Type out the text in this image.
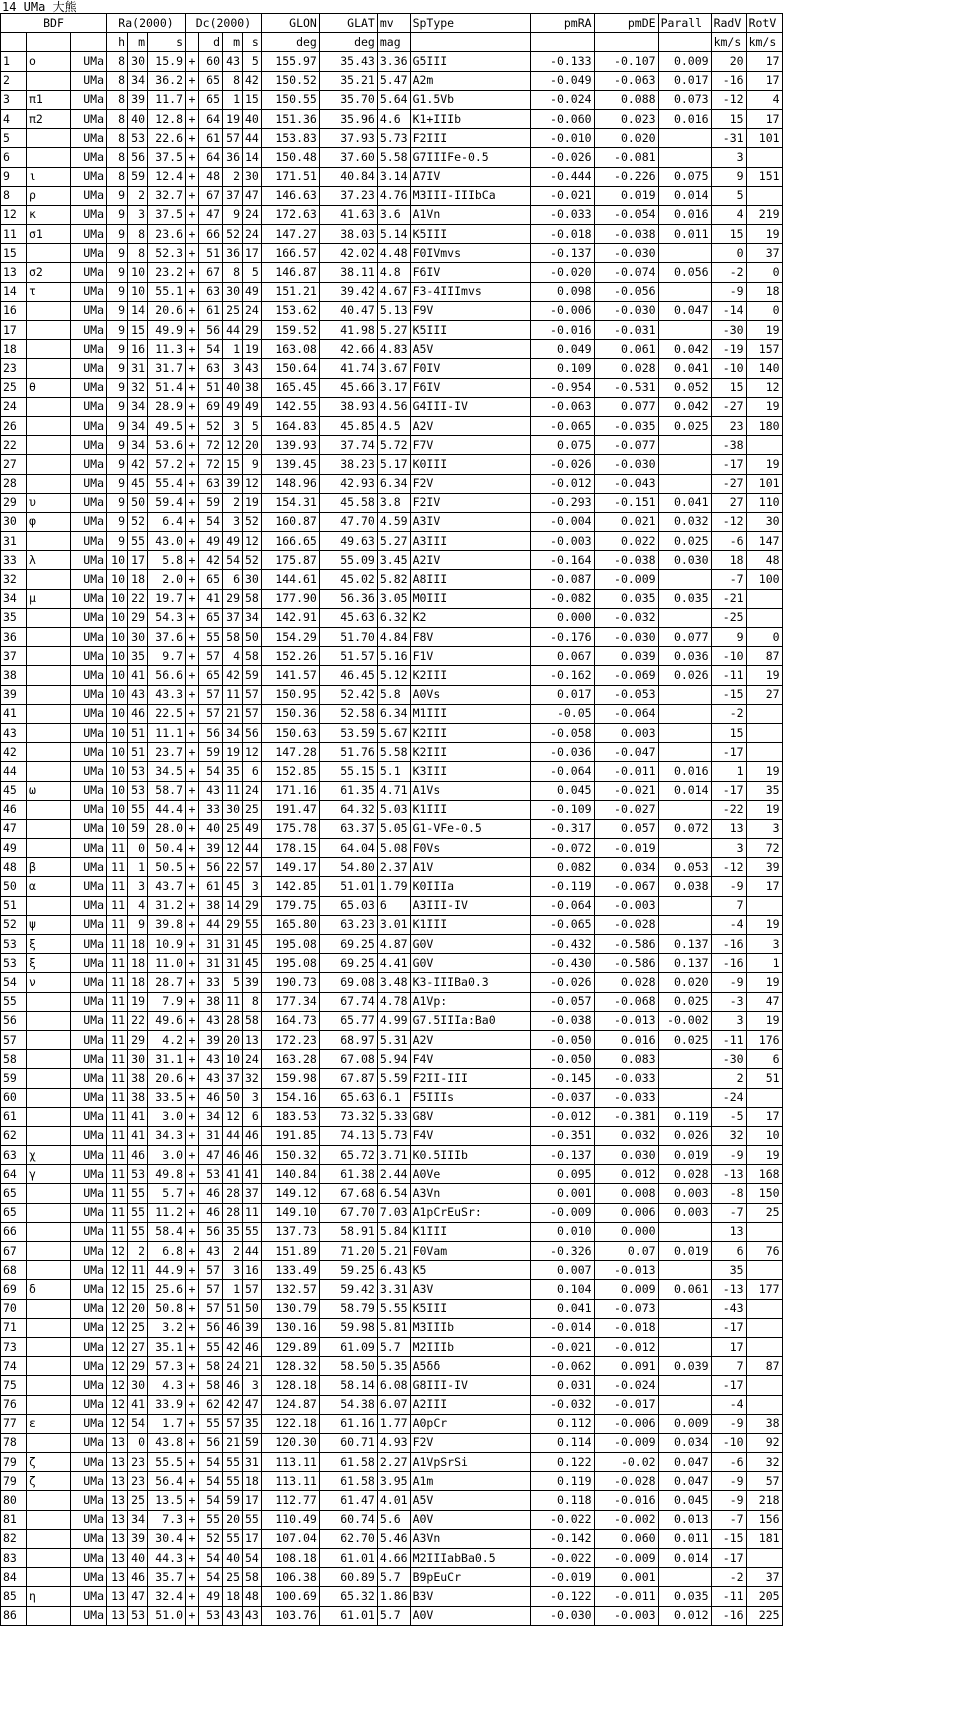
14 UMa 大熊
BDF			Ra(2000)			Dc(2000)				GLON	GLAT	mv	SpType	pmRA	pmDE	Parall	RadV	RotV
			h	m	s		d	m	s	deg	deg	mag					km/s	km/s
1	ο	UMa	8	30	15.9	+	60	43	5	155.97	35.43	3.36	G5III	-0.133	-0.107	0.009	20	17
2		UMa	8	34	36.2	+	65	8	42	150.52	35.21	5.47	A2m	-0.049	-0.063	0.017	-16	17
3	π1	UMa	8	39	11.7	+	65	1	15	150.55	35.70	5.64	G1.5Vb	-0.024	0.088	0.073	-12	4
4	π2	UMa	8	40	12.8	+	64	19	40	151.36	35.96	4.6	K1+IIIb	-0.060	0.023	0.016	15	17
5		UMa	8	53	22.6	+	61	57	44	153.83	37.93	5.73	F2III	-0.010	0.020		-31	101
6		UMa	8	56	37.5	+	64	36	14	150.48	37.60	5.58	G7IIIFe-0.5	-0.026	-0.081		3	
9	ι	UMa	8	59	12.4	+	48	2	30	171.51	40.84	3.14	A7IV	-0.444	-0.226	0.075	9	151
8	ρ	UMa	9	2	32.7	+	67	37	47	146.63	37.23	4.76	M3III-IIIbCa	-0.021	0.019	0.014	5	
12	κ	UMa	9	3	37.5	+	47	9	24	172.63	41.63	3.6	A1Vn	-0.033	-0.054	0.016	4	219
11	σ1	UMa	9	8	23.6	+	66	52	24	147.27	38.03	5.14	K5III	-0.018	-0.038	0.011	15	19
15		UMa	9	8	52.3	+	51	36	17	166.57	42.02	4.48	F0IVmvs	-0.137	-0.030		0	37
13	σ2	UMa	9	10	23.2	+	67	8	5	146.87	38.11	4.8	F6IV	-0.020	-0.074	0.056	-2	0
14	τ	UMa	9	10	55.1	+	63	30	49	151.21	39.42	4.67	F3-4IIImvs	0.098	-0.056		-9	18
16		UMa	9	14	20.6	+	61	25	24	153.62	40.47	5.13	F9V	-0.006	-0.030	0.047	-14	0
17		UMa	9	15	49.9	+	56	44	29	159.52	41.98	5.27	K5III	-0.016	-0.031		-30	19
18		UMa	9	16	11.3	+	54	1	19	163.08	42.66	4.83	A5V	0.049	0.061	0.042	-19	157
23		UMa	9	31	31.7	+	63	3	43	150.64	41.74	3.67	F0IV	0.109	0.028	0.041	-10	140
25	θ	UMa	9	32	51.4	+	51	40	38	165.45	45.66	3.17	F6IV	-0.954	-0.531	0.052	15	12
24		UMa	9	34	28.9	+	69	49	49	142.55	38.93	4.56	G4III-IV	-0.063	0.077	0.042	-27	19
26		UMa	9	34	49.5	+	52	3	5	164.83	45.85	4.5	A2V	-0.065	-0.035	0.025	23	180
22		UMa	9	34	53.6	+	72	12	20	139.93	37.74	5.72	F7V	0.075	-0.077		-38	
27		UMa	9	42	57.2	+	72	15	9	139.45	38.23	5.17	K0III	-0.026	-0.030		-17	19
28		UMa	9	45	55.4	+	63	39	12	148.96	42.93	6.34	F2V	-0.012	-0.043		-27	101
29	υ	UMa	9	50	59.4	+	59	2	19	154.31	45.58	3.8	F2IV	-0.293	-0.151	0.041	27	110
30	φ	UMa	9	52	6.4	+	54	3	52	160.87	47.70	4.59	A3IV	-0.004	0.021	0.032	-12	30
31		UMa	9	55	43.0	+	49	49	12	166.65	49.63	5.27	A3III	-0.003	0.022	0.025	-6	147
33	λ	UMa	10	17	5.8	+	42	54	52	175.87	55.09	3.45	A2IV	-0.164	-0.038	0.030	18	48
32		UMa	10	18	2.0	+	65	6	30	144.61	45.02	5.82	A8III	-0.087	-0.009		-7	100
34	μ	UMa	10	22	19.7	+	41	29	58	177.90	56.36	3.05	M0III	-0.082	0.035	0.035	-21	
35		UMa	10	29	54.3	+	65	37	34	142.91	45.63	6.32	K2	0.000	-0.032		-25	
36		UMa	10	30	37.6	+	55	58	50	154.29	51.70	4.84	F8V	-0.176	-0.030	0.077	9	0
37		UMa	10	35	9.7	+	57	4	58	152.26	51.57	5.16	F1V	0.067	0.039	0.036	-10	87
38		UMa	10	41	56.6	+	65	42	59	141.57	46.45	5.12	K2III	-0.162	-0.069	0.026	-11	19
39		UMa	10	43	43.3	+	57	11	57	150.95	52.42	5.8	A0Vs	0.017	-0.053		-15	27
41		UMa	10	46	22.5	+	57	21	57	150.36	52.58	6.34	M1III	-0.05	-0.064		-2	
43		UMa	10	51	11.1	+	56	34	56	150.63	53.59	5.67	K2III	-0.058	0.003		15	
42		UMa	10	51	23.7	+	59	19	12	147.28	51.76	5.58	K2III	-0.036	-0.047		-17	
44		UMa	10	53	34.5	+	54	35	6	152.85	55.15	5.1	K3III	-0.064	-0.011	0.016	1	19
45	ω	UMa	10	53	58.7	+	43	11	24	171.16	61.35	4.71	A1Vs	0.045	-0.021	0.014	-17	35
46		UMa	10	55	44.4	+	33	30	25	191.47	64.32	5.03	K1III	-0.109	-0.027		-22	19
47		UMa	10	59	28.0	+	40	25	49	175.78	63.37	5.05	G1-VFe-0.5	-0.317	0.057	0.072	13	3
49		UMa	11	0	50.4	+	39	12	44	178.15	64.04	5.08	F0Vs	-0.072	-0.019		3	72
48	β	UMa	11	1	50.5	+	56	22	57	149.17	54.80	2.37	A1V	0.082	0.034	0.053	-12	39
50	α	UMa	11	3	43.7	+	61	45	3	142.85	51.01	1.79	K0IIIa	-0.119	-0.067	0.038	-9	17
51		UMa	11	4	31.2	+	38	14	29	179.75	65.03	6	A3III-IV	-0.064	-0.003		7	
52	ψ	UMa	11	9	39.8	+	44	29	55	165.80	63.23	3.01	K1III	-0.065	-0.028		-4	19
53	ξ	UMa	11	18	10.9	+	31	31	45	195.08	69.25	4.87	G0V	-0.432	-0.586	0.137	-16	3
53	ξ	UMa	11	18	11.0	+	31	31	45	195.08	69.25	4.41	G0V	-0.430	-0.586	0.137	-16	1
54	ν	UMa	11	18	28.7	+	33	5	39	190.73	69.08	3.48	K3-IIIBa0.3	-0.026	0.028	0.020	-9	19
55		UMa	11	19	7.9	+	38	11	8	177.34	67.74	4.78	A1Vp:	-0.057	-0.068	0.025	-3	47
56		UMa	11	22	49.6	+	43	28	58	164.73	65.77	4.99	G7.5IIIa:Ba0	-0.038	-0.013	-0.002	3	19
57		UMa	11	29	4.2	+	39	20	13	172.23	68.97	5.31	A2V	-0.050	0.016	0.025	-11	176
58		UMa	11	30	31.1	+	43	10	24	163.28	67.08	5.94	F4V	-0.050	0.083		-30	6
59		UMa	11	38	20.6	+	43	37	32	159.98	67.87	5.59	F2II-III	-0.145	-0.033		2	51
60		UMa	11	38	33.5	+	46	50	3	154.16	65.63	6.1	F5IIIs	-0.037	-0.033		-24	
61		UMa	11	41	3.0	+	34	12	6	183.53	73.32	5.33	G8V	-0.012	-0.381	0.119	-5	17
62		UMa	11	41	34.3	+	31	44	46	191.85	74.13	5.73	F4V	-0.351	0.032	0.026	32	10
63	χ	UMa	11	46	3.0	+	47	46	46	150.32	65.72	3.71	K0.5IIIb	-0.137	0.030	0.019	-9	19
64	γ	UMa	11	53	49.8	+	53	41	41	140.84	61.38	2.44	A0Ve	0.095	0.012	0.028	-13	168
65		UMa	11	55	5.7	+	46	28	37	149.12	67.68	6.54	A3Vn	0.001	0.008	0.003	-8	150
65		UMa	11	55	11.2	+	46	28	11	149.10	67.70	7.03	A1pCrEuSr:	-0.009	0.006	0.003	-7	25
66		UMa	11	55	58.4	+	56	35	55	137.73	58.91	5.84	K1III	0.010	0.000		13	
67		UMa	12	2	6.8	+	43	2	44	151.89	71.20	5.21	F0Vam	-0.326	0.07	0.019	6	76
68		UMa	12	11	44.9	+	57	3	16	133.49	59.25	6.43	K5	0.007	-0.013		35	
69	δ	UMa	12	15	25.6	+	57	1	57	132.57	59.42	3.31	A3V	0.104	0.009	0.061	-13	177
70		UMa	12	20	50.8	+	57	51	50	130.79	58.79	5.55	K5III	0.041	-0.073		-43	
71		UMa	12	25	3.2	+	56	46	39	130.16	59.98	5.81	M3IIIb	-0.014	-0.018		-17	
73		UMa	12	27	35.1	+	55	42	46	129.89	61.09	5.7	M2IIIb	-0.021	-0.012		17	
74		UMa	12	29	57.3	+	58	24	21	128.32	58.50	5.35	A5δδ	-0.062	0.091	0.039	7	87
75		UMa	12	30	4.3	+	58	46	3	128.18	58.14	6.08	G8III-IV	0.031	-0.024		-17	
76		UMa	12	41	33.9	+	62	42	47	124.87	54.38	6.07	A2III	-0.032	-0.017		-4	
77	ε	UMa	12	54	1.7	+	55	57	35	122.18	61.16	1.77	A0pCr	0.112	-0.006	0.009	-9	38
78		UMa	13	0	43.8	+	56	21	59	120.30	60.71	4.93	F2V	0.114	-0.009	0.034	-10	92
79	ζ	UMa	13	23	55.5	+	54	55	31	113.11	61.58	2.27	A1VpSrSi	0.122	-0.02	0.047	-6	32
79	ζ	UMa	13	23	56.4	+	54	55	18	113.11	61.58	3.95	A1m	0.119	-0.028	0.047	-9	57
80		UMa	13	25	13.5	+	54	59	17	112.77	61.47	4.01	A5V	0.118	-0.016	0.045	-9	218
81		UMa	13	34	7.3	+	55	20	55	110.49	60.74	5.6	A0V	-0.022	-0.002	0.013	-7	156
82		UMa	13	39	30.4	+	52	55	17	107.04	62.70	5.46	A3Vn	-0.142	0.060	0.011	-15	181
83		UMa	13	40	44.3	+	54	40	54	108.18	61.01	4.66	M2IIIabBa0.5	-0.022	-0.009	0.014	-17	
84		UMa	13	46	35.7	+	54	25	58	106.38	60.89	5.7	B9pEuCr	-0.019	0.001		-2	37
85	η	UMa	13	47	32.4	+	49	18	48	100.69	65.32	1.86	B3V	-0.122	-0.011	0.035	-11	205
86		UMa	13	53	51.0	+	53	43	43	103.76	61.01	5.7	A0V	-0.030	-0.003	0.012	-16	225
